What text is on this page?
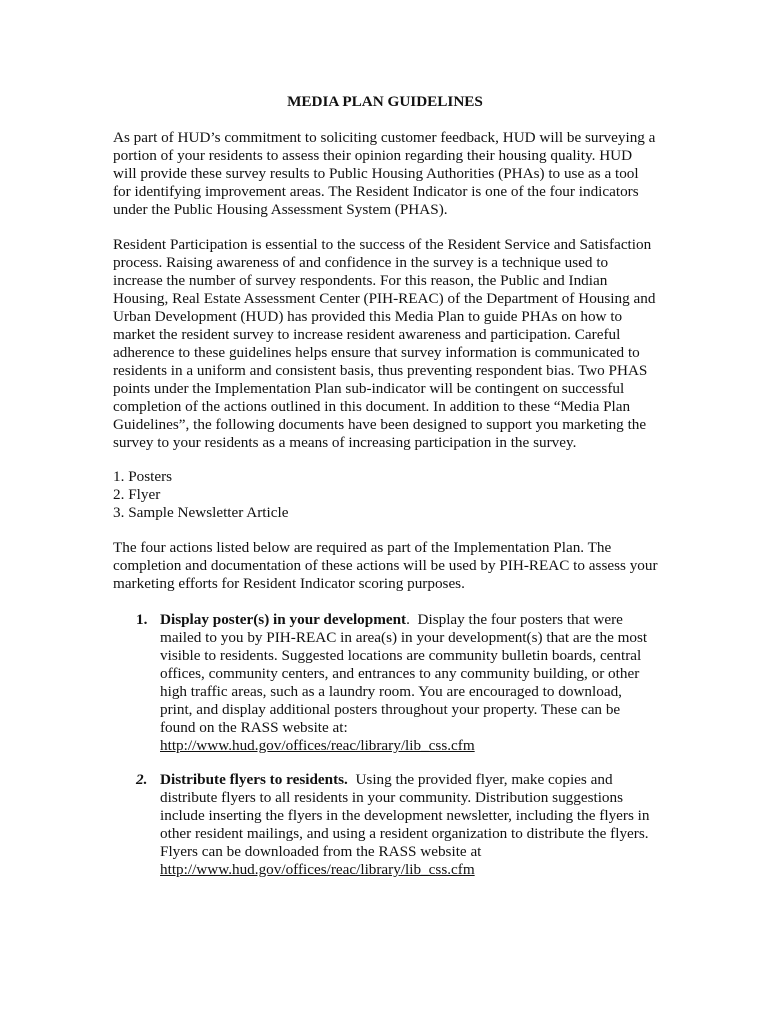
MEDIA PLAN GUIDELINES
As part of HUD’s commitment to soliciting customer feedback, HUD will be surveying a
portion of your residents to assess their opinion regarding their housing quality. HUD
will provide these survey results to Public Housing Authorities (PHAs) to use as a tool
for identifying improvement areas. The Resident Indicator is one of the four indicators
under the Public Housing Assessment System (PHAS).
Resident Participation is essential to the success of the Resident Service and Satisfaction
process. Raising awareness of and confidence in the survey is a technique used to
increase the number of survey respondents. For this reason, the Public and Indian
Housing, Real Estate Assessment Center (PIH-REAC) of the Department of Housing and
Urban Development (HUD) has provided this Media Plan to guide PHAs on how to
market the resident survey to increase resident awareness and participation. Careful
adherence to these guidelines helps ensure that survey information is communicated to
residents in a uniform and consistent basis, thus preventing respondent bias. Two PHAS
points under the Implementation Plan sub-indicator will be contingent on successful
completion of the actions outlined in this document. In addition to these “Media Plan
Guidelines”, the following documents have been designed to support you marketing the
survey to your residents as a means of increasing participation in the survey.
1. Posters
2. Flyer
3. Sample Newsletter Article
The four actions listed below are required as part of the Implementation Plan. The
completion and documentation of these actions will be used by PIH-REAC to assess your
marketing efforts for Resident Indicator scoring purposes.
1. Display poster(s) in your development.  Display the four posters that were
mailed to you by PIH-REAC in area(s) in your development(s) that are the most
visible to residents. Suggested locations are community bulletin boards, central
offices, community centers, and entrances to any community building, or other
high traffic areas, such as a laundry room. You are encouraged to download,
print, and display additional posters throughout your property. These can be
found on the RASS website at:
http://www.hud.gov/offices/reac/library/lib_css.cfm
2. Distribute flyers to residents.  Using the provided flyer, make copies and
distribute flyers to all residents in your community. Distribution suggestions
include inserting the flyers in the development newsletter, including the flyers in
other resident mailings, and using a resident organization to distribute the flyers.
Flyers can be downloaded from the RASS website at
http://www.hud.gov/offices/reac/library/lib_css.cfm
